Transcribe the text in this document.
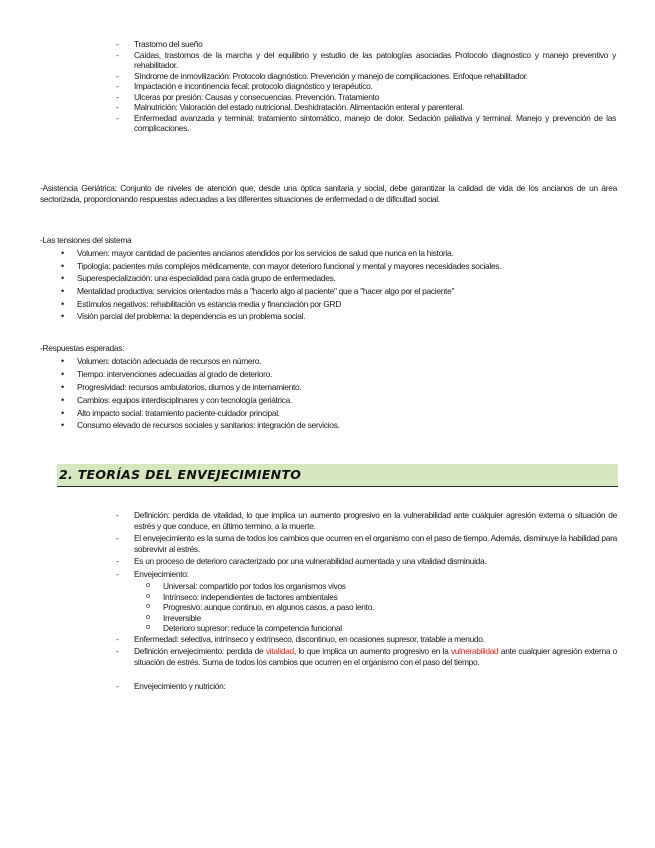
- Trastorno del sueño
- Caídas, trastornos de la marcha y del equilibrio y estudio de las patologías asociadas Protocolo diagnostico y manejo preventivo y rehabilitador.
- Síndrome de inmovilización: Protocolo diagnóstico. Prevención y manejo de complicaciones. Enfoque rehabilitador.
- Impactación e incontinencia fecal: protocolo diagnóstico y terapéutico.
- Ulceras por presión: Causas y consecuencias. Prevención. Tratamiento
- Malnutrición: Valoración del estado nutricional. Deshidratación. Alimentación enteral y parenteral.
- Enfermedad avanzada y terminal: tratamiento sintomático, manejo de dolor. Sedación paliativa y terminal. Manejo y prevención de las complicaciones.

-Asistencia Geriátrica: Conjunto de niveles de atención que, desde una óptica sanitaria y social, debe garantizar la calidad de vida de los ancianos de un área sectorizada, proporcionando respuestas adecuadas a las diferentes situaciones de enfermedad o de dificultad social.

-Las tensiones del sistema

• Volumen: mayor cantidad de pacientes ancianos atendidos por los servicios de salud que nunca en la historia.
• Tipología: pacientes más complejos médicamente, con mayor deterioro funcional y mental y mayores necesidades sociales.
• Superespecialización: una especialidad para cada grupo de enfermedades.
• Mentalidad productiva: servicios orientados más a "hacerlo algo al paciente" que a "hacer algo por el paciente"
• Estímulos negativos: rehabilitación vs estancia media y financiación por GRD
• Visión parcial del problema: la dependencia es un problema social.

-Respuestas esperadas:

• Volumen: dotación adecuada de recursos en número.
• Tiempo: intervenciones adecuadas al grado de deterioro.
• Progresividad: recursos ambulatorios, diurnos y de internamiento.
• Cambios: equipos interdisciplinares y con tecnología geriátrica.
• Alto impacto social: tratamiento paciente-cuidador principal.
• Consumo elevado de recursos sociales y sanitarios: integración de servicios.
2. TEORÍAS DEL ENVEJECIMIENTO
- Definición: perdida de vitalidad, lo que implica un aumento progresivo en la vulnerabilidad ante cualquier agresión externa o situación de estrés y que conduce, en último termino, a la muerte.
- El envejecimiento es la suma de todos los cambios que ocurren en el organismo con el paso de tiempo. Además, disminuye la habilidad para sobrevivir al estrés.
- Es un proceso de deterioro caracterizado por una vulnerabilidad aumentada y una vitalidad disminuida.
- Envejecimiento:
o Universal: compartido por todos los organismos vivos
o Intrínseco: independientes de factores ambientales
o Progresivo: aunque continuo, en algunos casos, a paso lento.
o Irreversible
o Deterioro supresor: reduce la competencia funcional
- Enfermedad: selectiva, intrínseco y extrínseco, discontinuo, en ocasiones supresor, tratable a menudo.
- Definición envejecimiento: perdida de vitalidad, lo que implica un aumento progresivo en la vulnerabilidad ante cualquier agresión externa o situación de estrés. Suma de todos los cambios que ocurren en el organismo con el paso del tiempo.
- Envejecimiento y nutrición:
